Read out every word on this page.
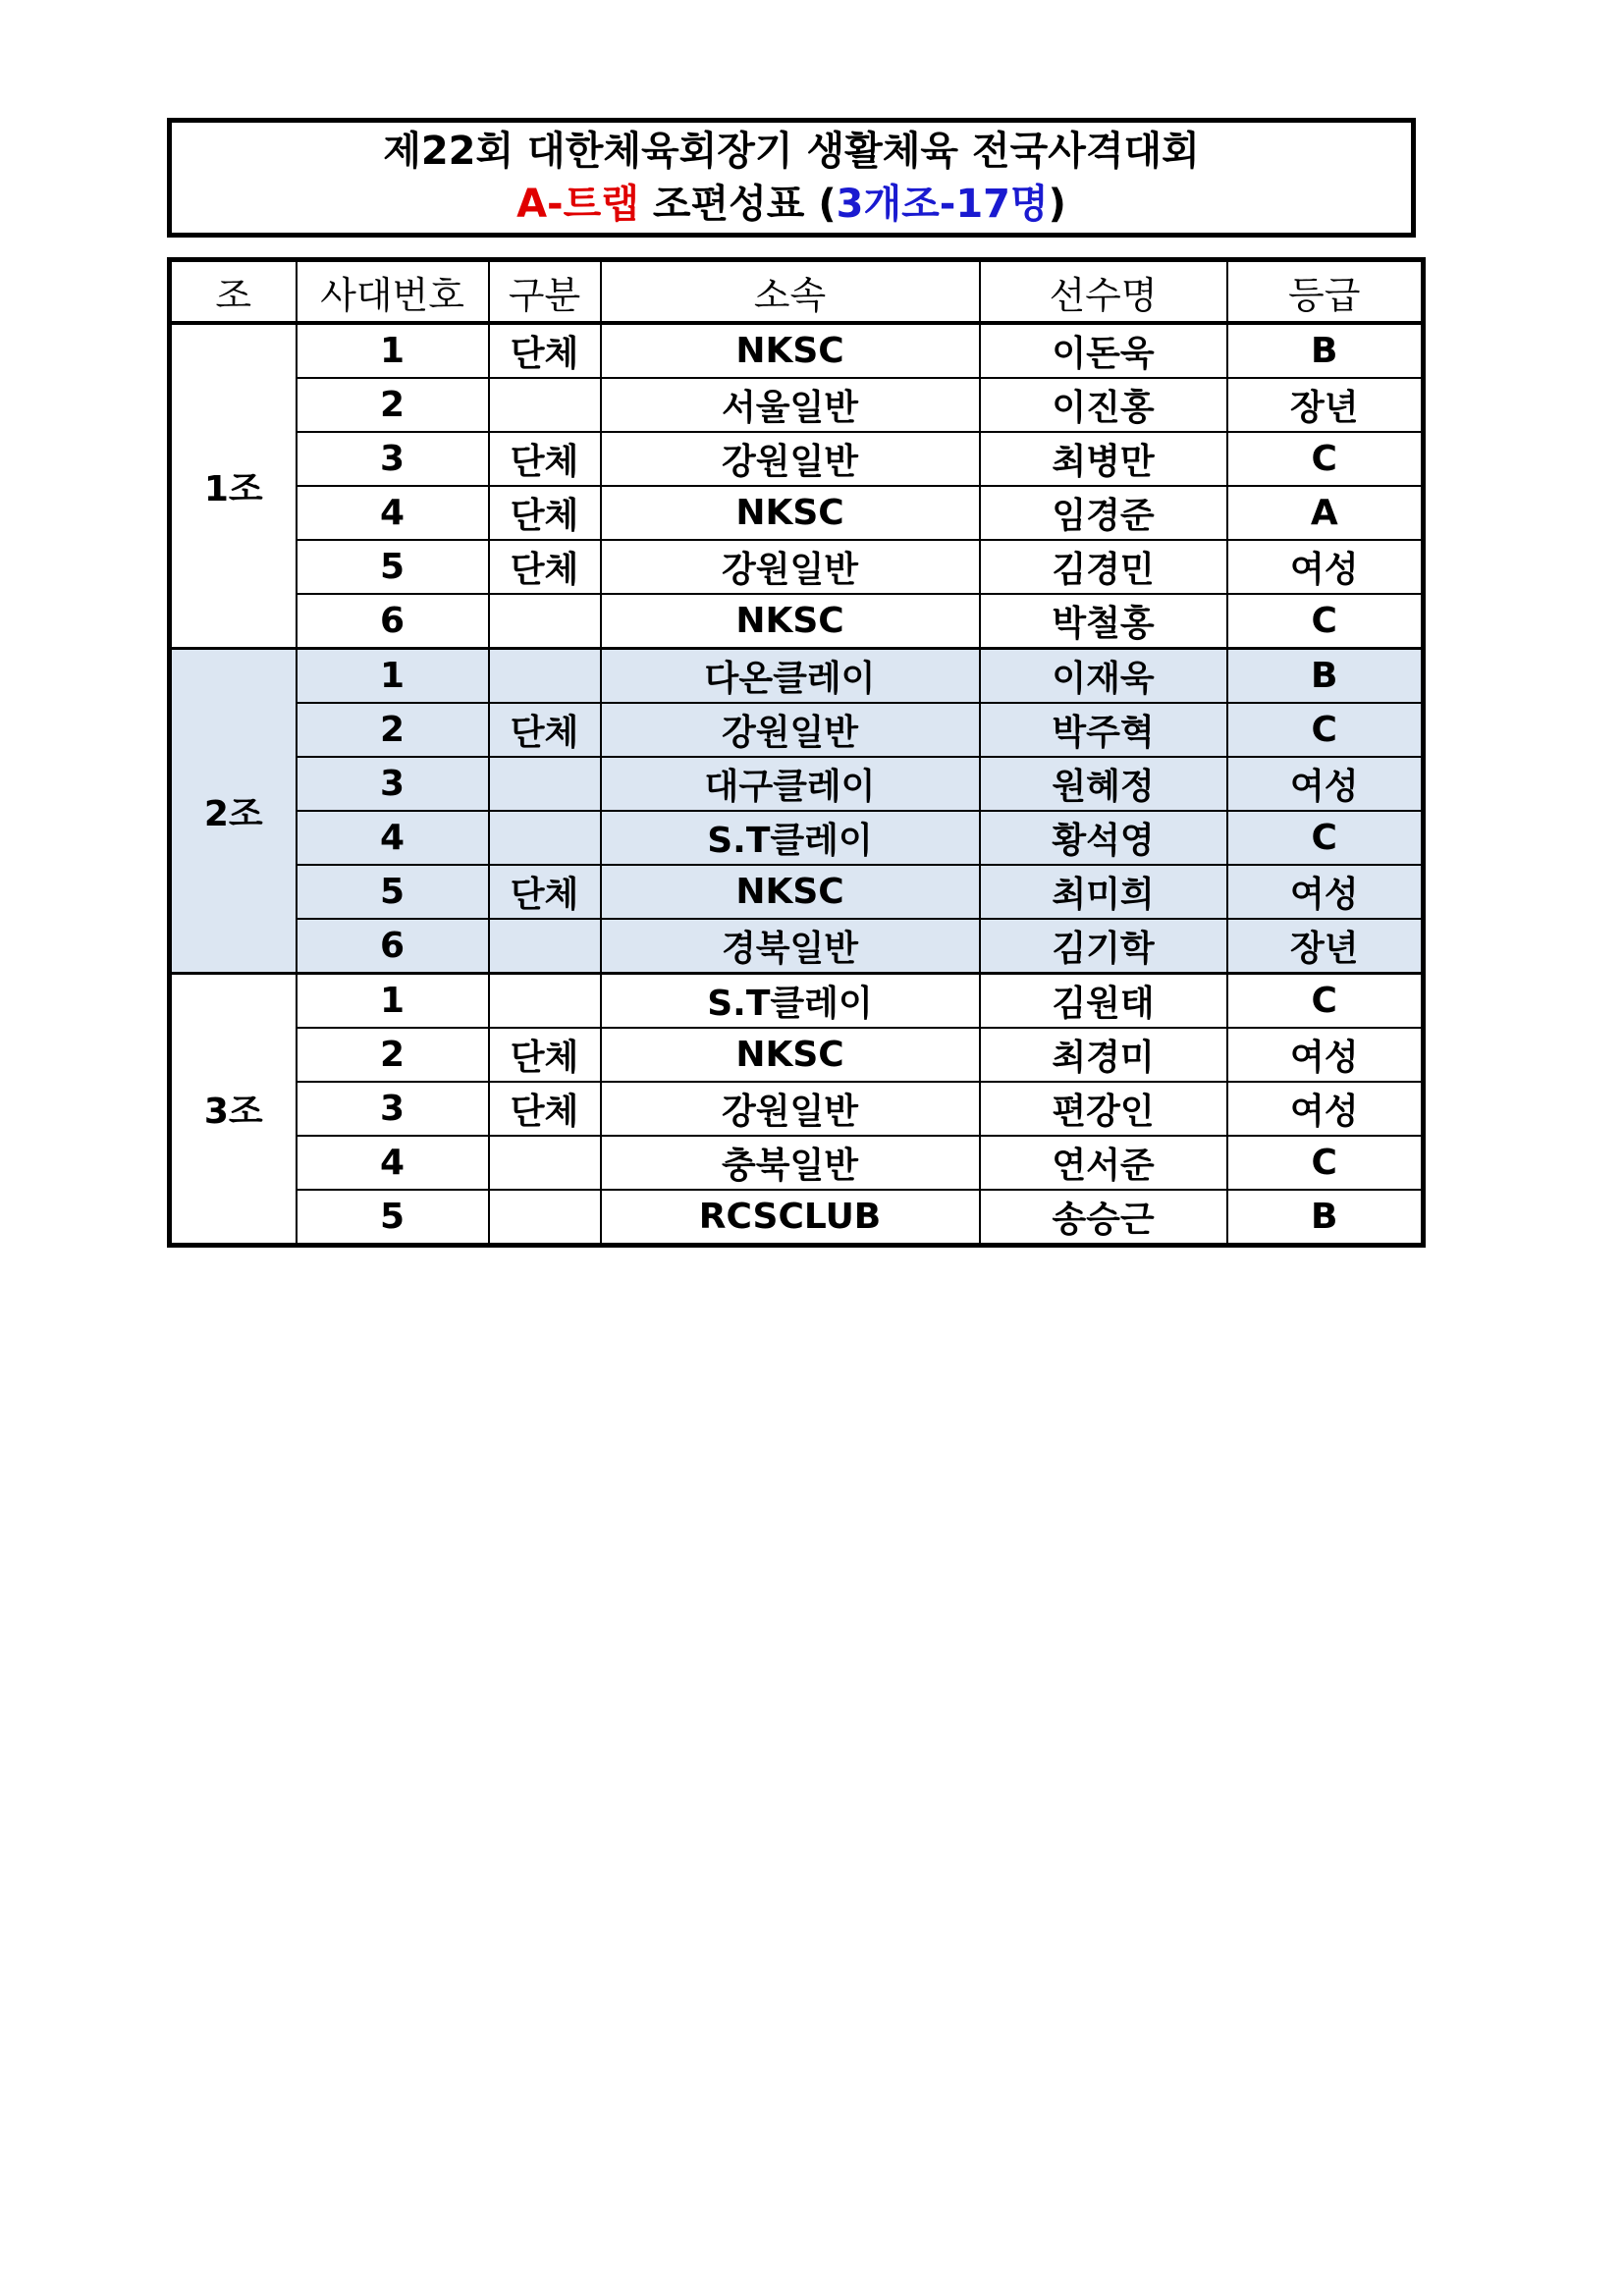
제22회 대한체육회장기 생활체육 전국사격대회
A-트랩 조편성표 (3개조-17명)
조	사대번호	구분	소속	선수명	등급
1조	1	단체	NKSC	이돈욱	B
	2		서울일반	이진홍	장년
	3	단체	강원일반	최병만	C
	4	단체	NKSC	임경준	A
	5	단체	강원일반	김경민	여성
	6		NKSC	박철홍	C
2조	1		다온클레이	이재욱	B
	2	단체	강원일반	박주혁	C
	3		대구클레이	원혜정	여성
	4		S.T클레이	황석영	C
	5	단체	NKSC	최미희	여성
	6		경북일반	김기학	장년
3조	1		S.T클레이	김원태	C
	2	단체	NKSC	최경미	여성
	3	단체	강원일반	편강인	여성
	4		충북일반	연서준	C
	5		RCSCLUB	송승근	B
